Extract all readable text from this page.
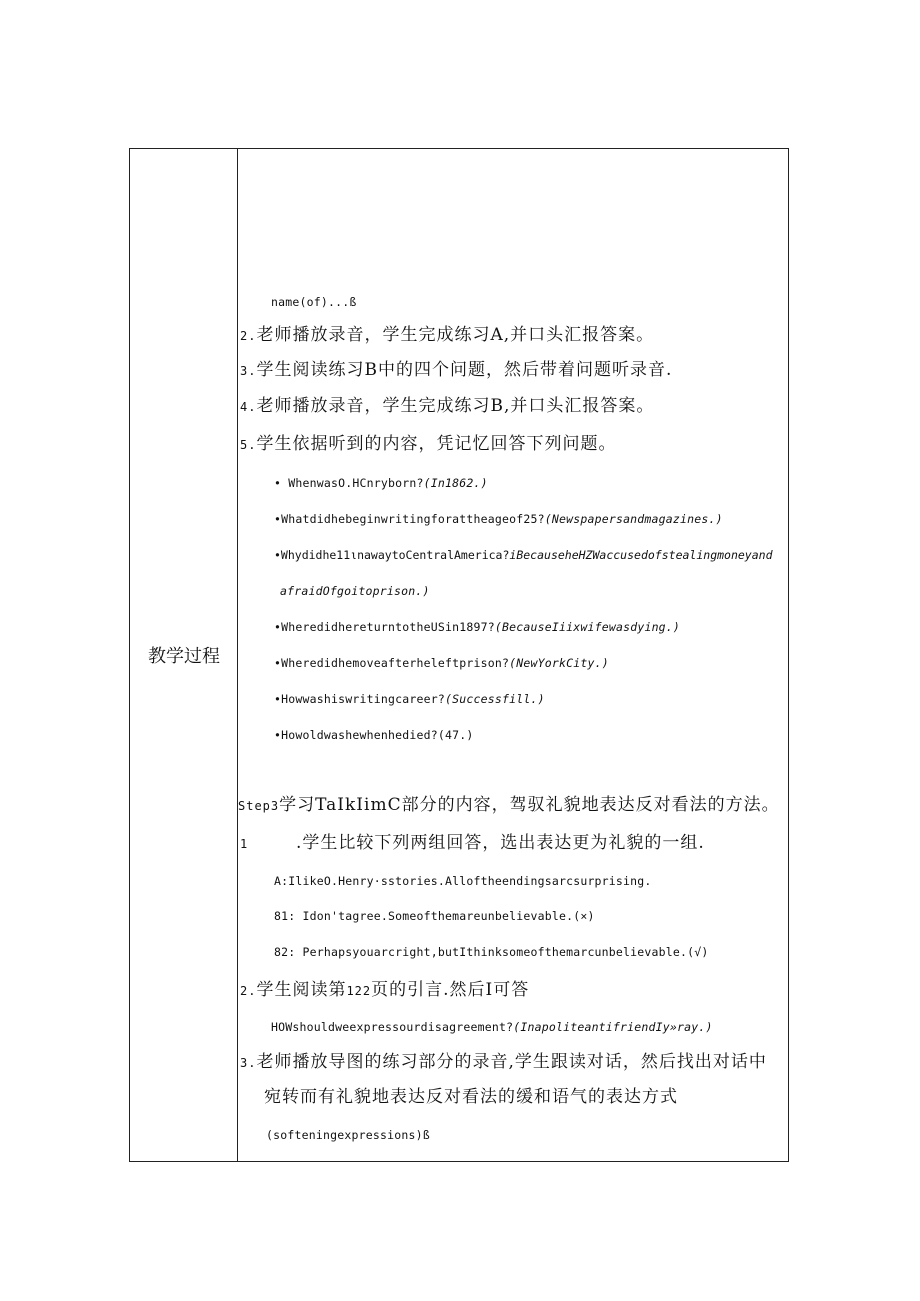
教学过程
name(of)...ß
2.老师播放录音，学生完成练习A,并口头汇报答案。
3.学生阅读练习B中的四个问题，然后带着问题听录音.
4.老师播放录音，学生完成练习B,并口头汇报答案。
5.学生依据听到的内容，凭记忆回答下列问题。
• WhenwasO.HCnryborn?(In1862.)
•Whatdidhebeginwritingforattheageof25?(Newspapersandmagazines.)
•Whydidhe11ιnawaytoCentralAmerica?iBecauseheHZWaccusedofstealingmoneyand
afraidOfgoitoprison.)
•WheredidhereturntotheUSin1897?(BecauseIiixwifewasdying.)
•Wheredidhemoveafterheleftprison?(NewYorkCity.)
•Howwashiswritingcareer?(Successfill.)
•Howoldwashewhenhedied?(47.)
Step3学习TaIkIimC部分的内容，驾驭礼貌地表达反对看法的方法。
1	.学生比较下列两组回答，选出表达更为礼貌的一组.
A:IlikeO.Henry·sstories.Alloftheendingsarcsurprising.
81: Idon'tagree.Someofthemareunbelievable.(×)
82: Perhapsyouarcright,butIthinksomeofthemarcunbelievable.(√)
2.学生阅读第122页的引言.然后I可答
HOWshouldweexpressourdisagreement?(InapoliteantifriendIy»ray.)
3.老师播放导图的练习部分的录音,学生跟读对话，然后找出对话中
宛转而有礼貌地表达反对看法的缓和语气的表达方式
(softeningexpressions)ß
